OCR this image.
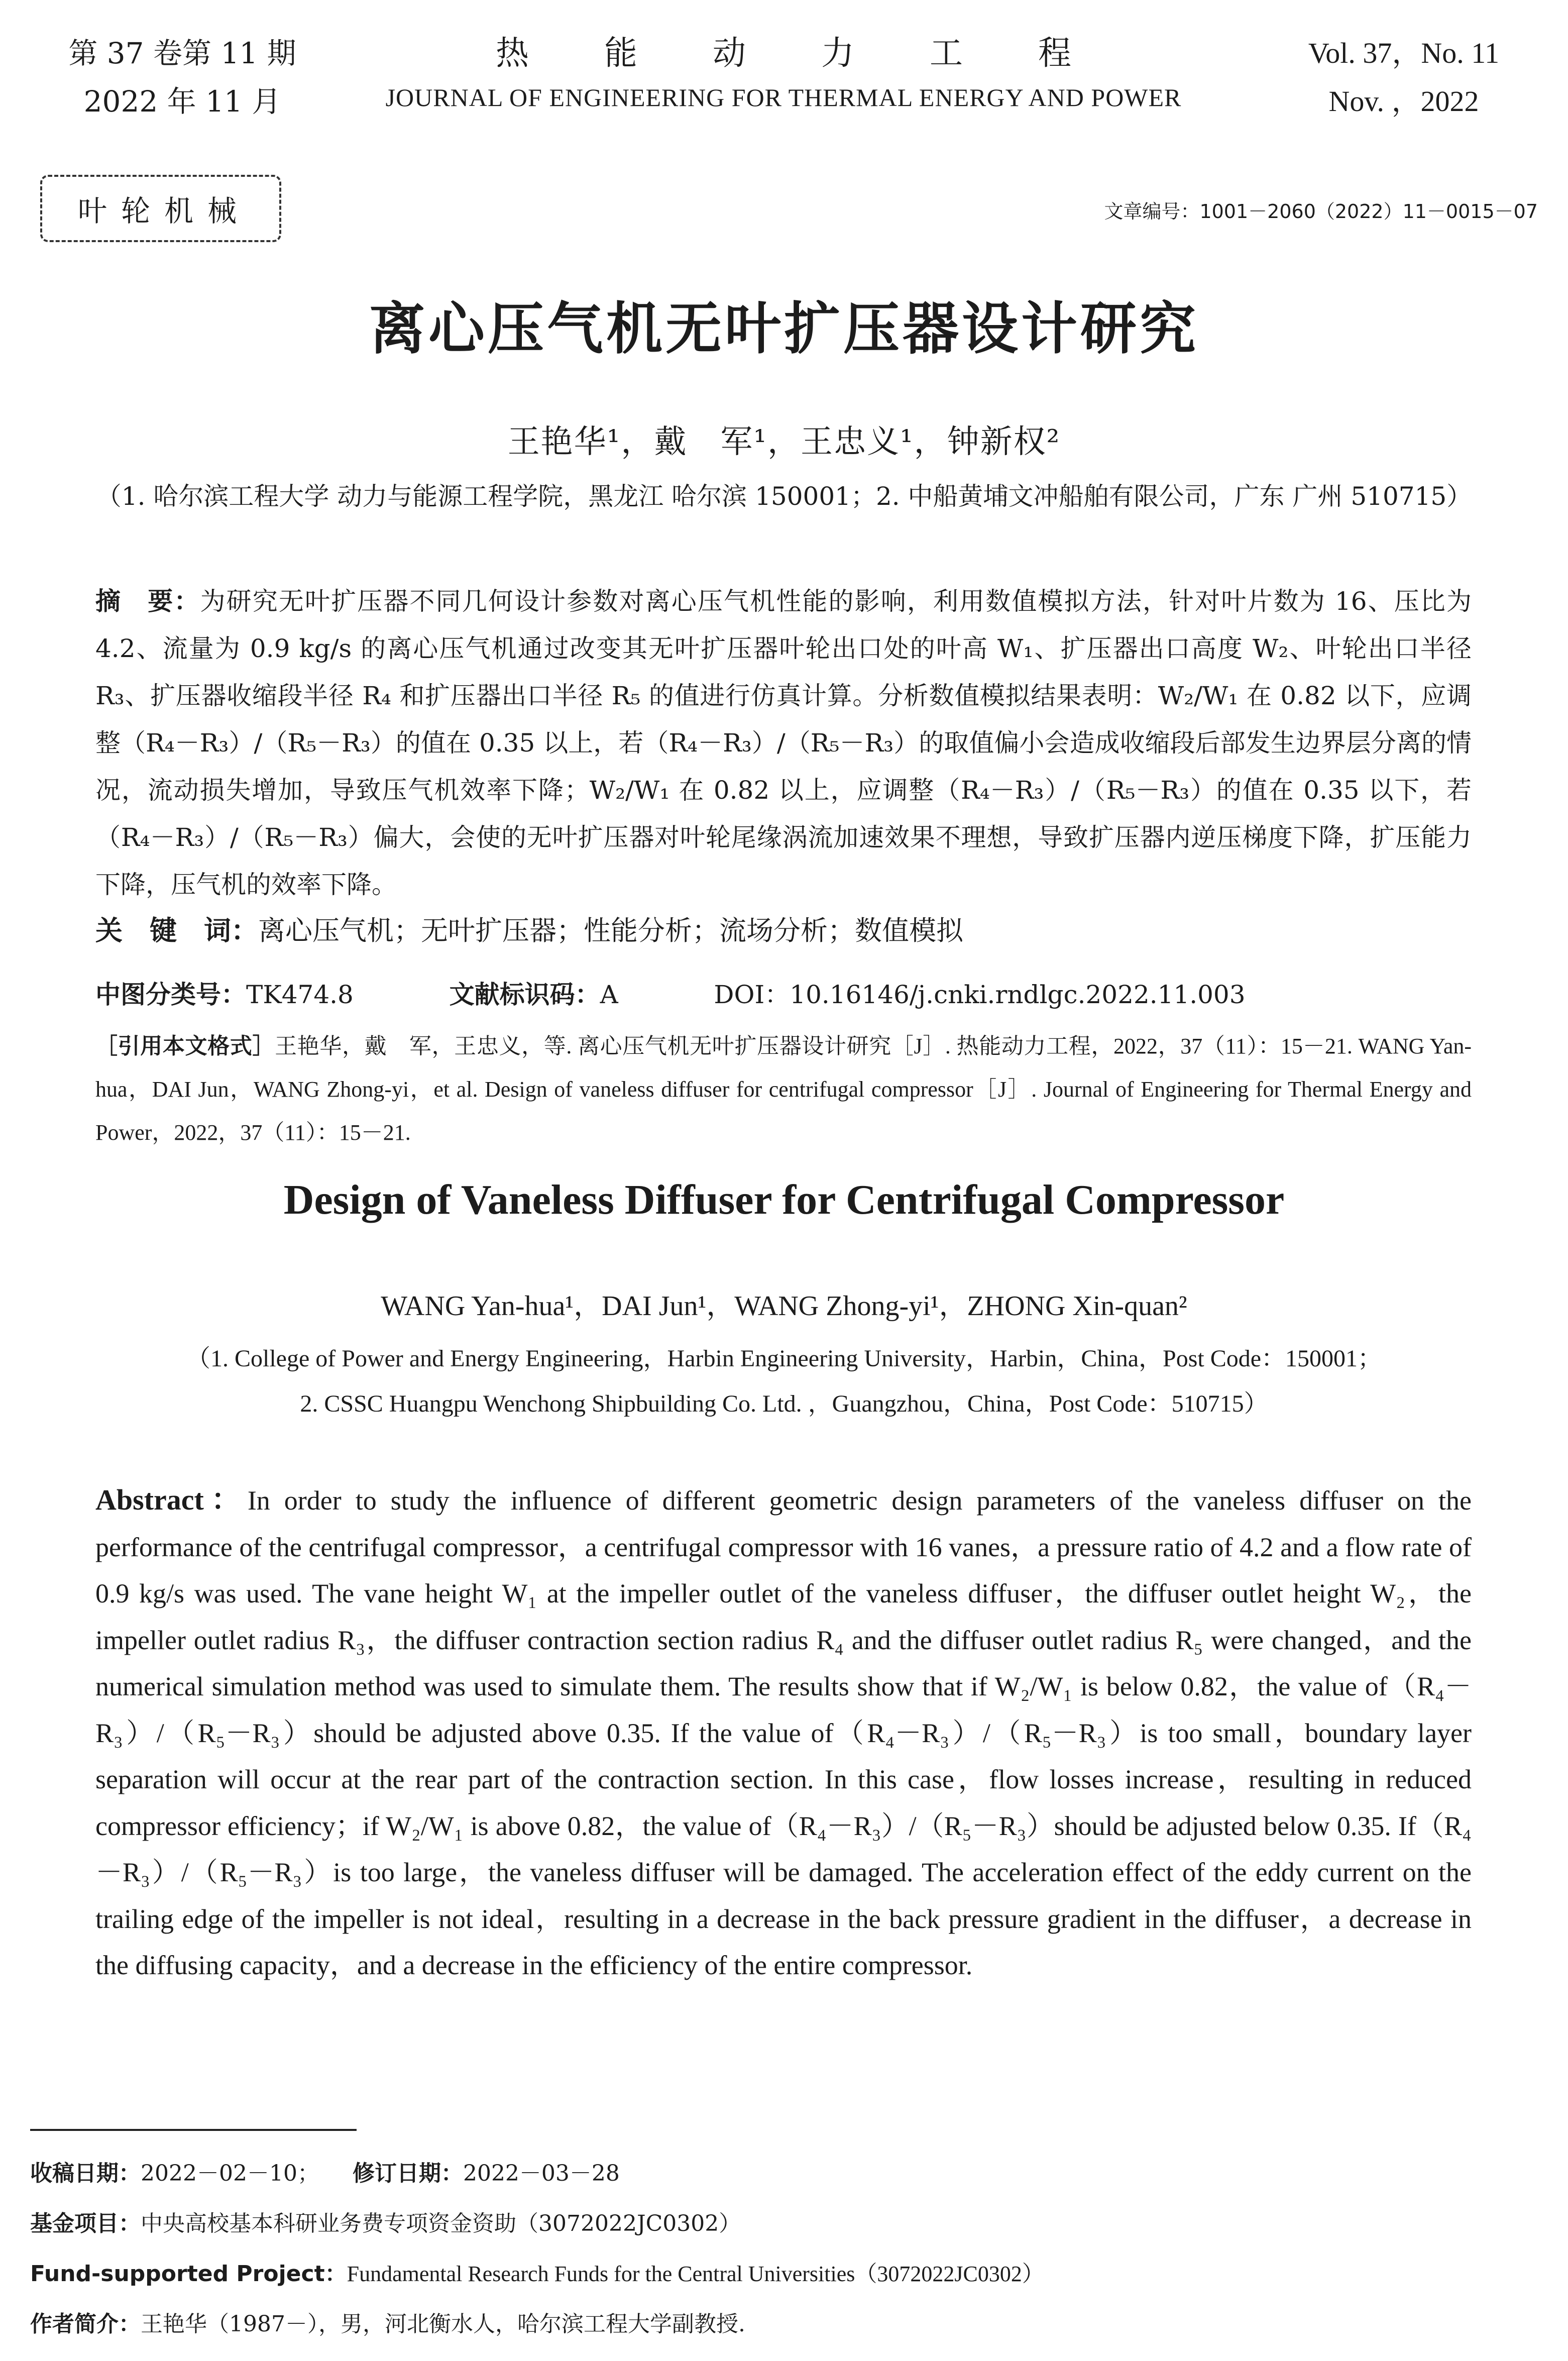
第 37 卷第 11 期
2022 年 11 月
热能动力工程
JOURNAL OF ENGINEERING FOR THERMAL ENERGY AND POWER
Vol. 37，No. 11
Nov. ，2022
叶轮机械	文章编号：1001－2060（2022）11－0015－07
离心压气机无叶扩压器设计研究
王艳华¹，戴　军¹，王忠义¹，钟新权²
（1. 哈尔滨工程大学 动力与能源工程学院，黑龙江 哈尔滨 150001；2. 中船黄埔文冲船舶有限公司，广东 广州 510715）
摘　要：为研究无叶扩压器不同几何设计参数对离心压气机性能的影响，利用数值模拟方法，针对叶片数为 16、压比为 4.2、流量为 0.9 kg/s 的离心压气机通过改变其无叶扩压器叶轮出口处的叶高 W₁、扩压器出口高度 W₂、叶轮出口半径 R₃、扩压器收缩段半径 R₄ 和扩压器出口半径 R₅ 的值进行仿真计算。分析数值模拟结果表明：W₂/W₁ 在 0.82 以下，应调整（R₄－R₃）/（R₅－R₃）的值在 0.35 以上，若（R₄－R₃）/（R₅－R₃）的取值偏小会造成收缩段后部发生边界层分离的情况，流动损失增加，导致压气机效率下降；W₂/W₁ 在 0.82 以上，应调整（R₄－R₃）/（R₅－R₃）的值在 0.35 以下，若（R₄－R₃）/（R₅－R₃）偏大，会使的无叶扩压器对叶轮尾缘涡流加速效果不理想，导致扩压器内逆压梯度下降，扩压能力下降，压气机的效率下降。
关　键　词：离心压气机；无叶扩压器；性能分析；流场分析；数值模拟
中图分类号：TK474.8	文献标识码：A	DOI：10.16146/j.cnki.rndlgc.2022.11.003
［引用本文格式］王艳华，戴　军，王忠义，等. 离心压气机无叶扩压器设计研究［J］. 热能动力工程，2022，37（11）：15－21. WANG Yan-hua，DAI Jun，WANG Zhong-yi，et al. Design of vaneless diffuser for centrifugal compressor［J］. Journal of Engineering for Thermal Energy and Power，2022，37（11）：15－21.
Design of Vaneless Diffuser for Centrifugal Compressor
WANG Yan-hua¹，DAI Jun¹，WANG Zhong-yi¹，ZHONG Xin-quan²
（1. College of Power and Energy Engineering，Harbin Engineering University，Harbin，China，Post Code：150001；
2. CSSC Huangpu Wenchong Shipbuilding Co. Ltd. ，Guangzhou，China，Post Code：510715）
Abstract：In order to study the influence of different geometric design parameters of the vaneless diffuser on the performance of the centrifugal compressor，a centrifugal compressor with 16 vanes，a pressure ratio of 4.2 and a flow rate of 0.9 kg/s was used. The vane height W₁ at the impeller outlet of the vaneless diffuser，the diffuser outlet height W₂，the impeller outlet radius R₃，the diffuser contraction section radius R₄ and the diffuser outlet radius R₅ were changed，and the numerical simulation method was used to simulate them. The results show that if W₂/W₁ is below 0.82，the value of（R₄－R₃）/（R₅－R₃）should be adjusted above 0.35. If the value of（R₄－R₃）/（R₅－R₃）is too small，boundary layer separation will occur at the rear part of the contraction section. In this case，flow losses increase，resulting in reduced compressor efficiency；if W₂/W₁ is above 0.82，the value of（R₄－R₃）/（R₅－R₃）should be adjusted below 0.35. If（R₄－R₃）/（R₅－R₃）is too large，the vaneless diffuser will be damaged. The acceleration effect of the eddy current on the trailing edge of the impeller is not ideal，resulting in a decrease in the back pressure gradient in the diffuser，a decrease in the diffusing capacity，and a decrease in the efficiency of the entire compressor.
收稿日期：2022－02－10；　　 修订日期：2022－03－28
基金项目：中央高校基本科研业务费专项资金资助（3072022JC0302）
Fund-supported Project：Fundamental Research Funds for the Central Universities（3072022JC0302）
作者简介：王艳华（1987－），男，河北衡水人，哈尔滨工程大学副教授.
